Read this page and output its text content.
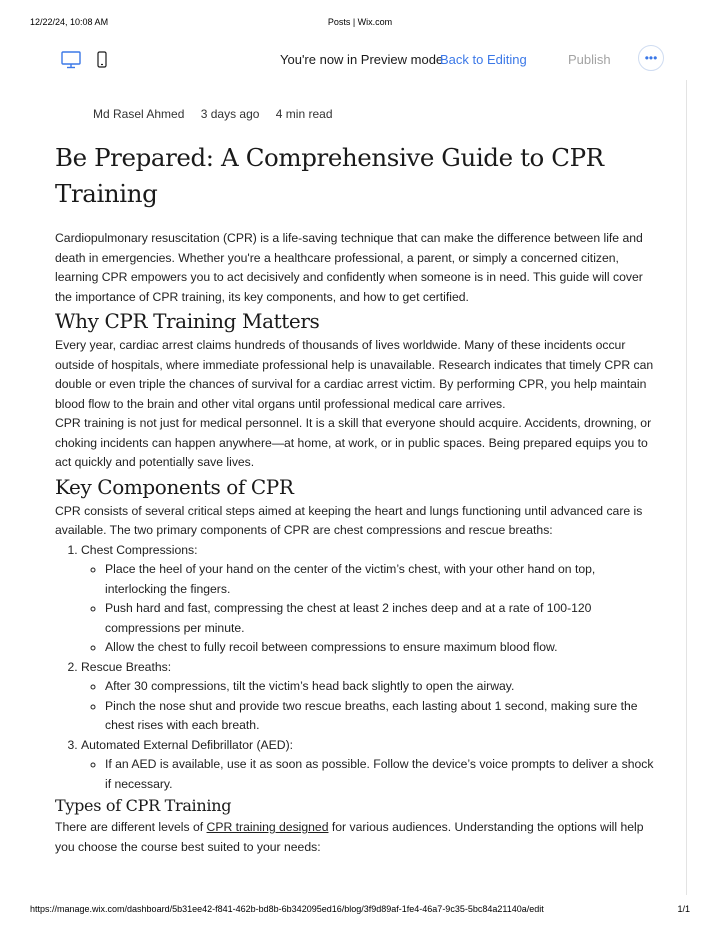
12/22/24, 10:08 AM	Posts | Wix.com
You're now in Preview mode
Back to Editing	Publish	•••
Md Rasel Ahmed 3 days ago 4 min read
Be Prepared: A Comprehensive Guide to CPR Training

Cardiopulmonary resuscitation (CPR) is a life-saving technique that can make the difference between life and death in emergencies. Whether you're a healthcare professional, a parent, or simply a concerned citizen, learning CPR empowers you to act decisively and confidently when someone is in need. This guide will cover the importance of CPR training, its key components, and how to get certified.

Why CPR Training Matters

Every year, cardiac arrest claims hundreds of thousands of lives worldwide. Many of these incidents occur outside of hospitals, where immediate professional help is unavailable. Research indicates that timely CPR can double or even triple the chances of survival for a cardiac arrest victim. By performing CPR, you help maintain blood flow to the brain and other vital organs until professional medical care arrives.

CPR training is not just for medical personnel. It is a skill that everyone should acquire. Accidents, drowning, or choking incidents can happen anywhere—at home, at work, or in public spaces. Being prepared equips you to act quickly and potentially save lives.

Key Components of CPR

CPR consists of several critical steps aimed at keeping the heart and lungs functioning until advanced care is available. The two primary components of CPR are chest compressions and rescue breaths:

1. Chest Compressions:
◦ Place the heel of your hand on the center of the victim’s chest, with your other hand on top, interlocking the fingers.
◦ Push hard and fast, compressing the chest at least 2 inches deep and at a rate of 100-120 compressions per minute.
◦ Allow the chest to fully recoil between compressions to ensure maximum blood flow.
2. Rescue Breaths:
◦ After 30 compressions, tilt the victim’s head back slightly to open the airway.
◦ Pinch the nose shut and provide two rescue breaths, each lasting about 1 second, making sure the chest rises with each breath.
3. Automated External Defibrillator (AED):
◦ If an AED is available, use it as soon as possible. Follow the device’s voice prompts to deliver a shock if necessary.
Types of CPR Training

There are different levels of CPR training designed for various audiences. Understanding the options will help you choose the course best suited to your needs:

https://manage.wix.com/dashboard/5b31ee42-f841-462b-bd8b-6b342095ed16/blog/3f9d89af-1fe4-46a7-9c35-5bc84a21140a/edit	1/1
